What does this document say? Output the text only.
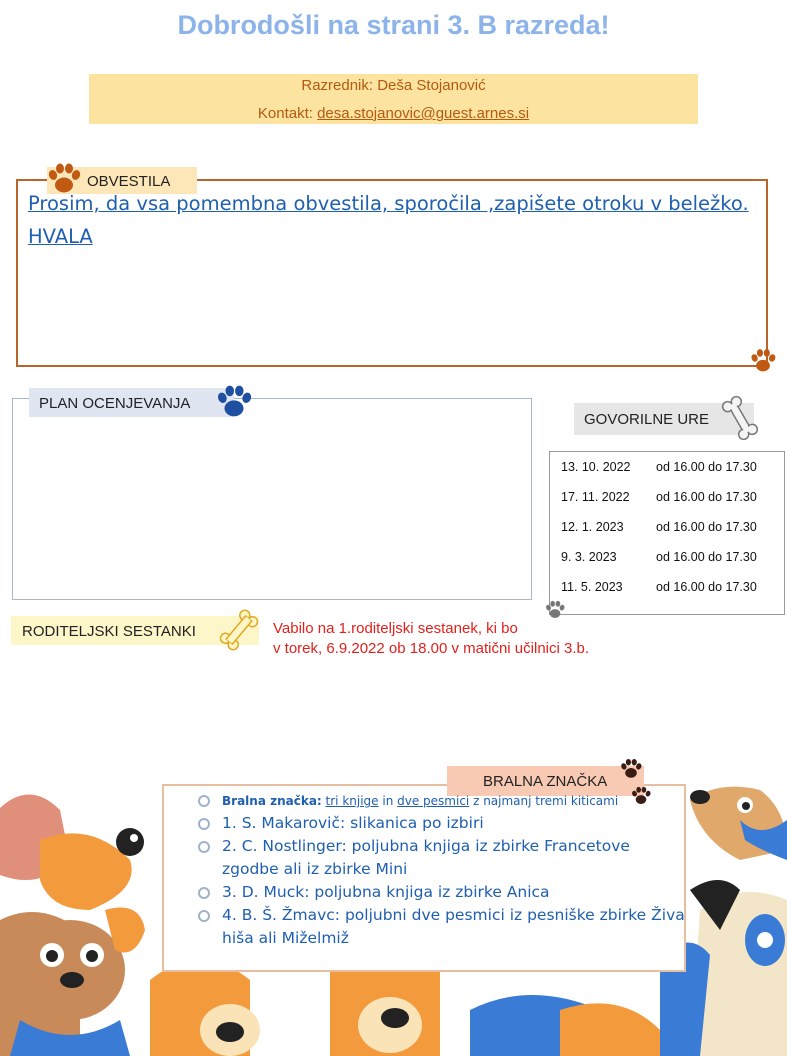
Dobrodošli na strani 3. B razreda!
Razrednik: Deša Stojanović
Kontakt: desa.stojanovic@guest.arnes.si
OBVESTILA
Prosim, da vsa pomembna obvestila, sporočila ,zapišete otroku v beležko. HVALA
PLAN OCENJEVANJA
GOVORILNE URE
13. 10. 2022 od 16.00 do 17.30
17. 11. 2022 od 16.00 do 17.30
12. 1. 2023	od 16.00 do 17.30
9. 3. 2023	od 16.00 do 17.30
11. 5. 2023	od 16.00 do 17.30
RODITELJSKI SESTANKI	Vabilo na 1.roditeljski sestanek, ki bo
v torek, 6.9.2022 ob 18.00 v matični učilnici 3.b.
BRALNA ZNAČKA
Bralna značka: tri knjige in dve pesmici z najmanj tremi kiticami
1. S. Makarovič: slikanica po izbiri
2. C. Nostlinger: poljubna knjiga iz zbirke Francetove zgodbe ali iz zbirke Mini
3. D. Muck: poljubna knjiga iz zbirke Anica
4. B. Š. Žmavc: poljubni dve pesmici iz pesniške zbirke Živa hiša ali Miželmiž
